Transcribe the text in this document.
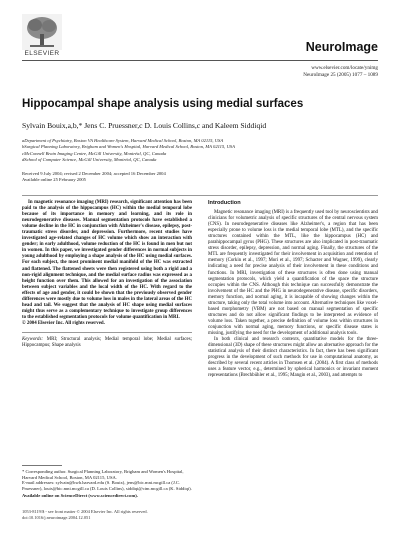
ELSEVIER	NeuroImage
www.elsevier.com/locate/ynimg
NeuroImage 25 (2005) 1077 – 1089
Hippocampal shape analysis using medial surfaces
Sylvain Bouix,a,b,* Jens C. Pruessner,c D. Louis Collins,c and Kaleem Siddiqid
aDepartment of Psychiatry, Boston VA Healthcare System, Harvard Medical School, Boston, MA 02115, USA
bSurgical Planning Laboratory, Brigham and Women's Hospital, Harvard Medical School, Boston, MA 02115, USA
cMcConnell Brain Imaging Centre, McGill University, Montréal, QC, Canada
dSchool of Computer Science, McGill University, Montréal, QC, Canada
Received 9 July 2004; revised 2 December 2004; accepted 16 December 2004
Available online 25 February 2005

In magnetic resonance imaging (MRI) research, significant attention has been paid to the analysis of the hippocampus (HC) within the medial temporal lobe because of its importance in memory and learning, and its role in neurodegenerative diseases. Manual segmentation protocols have established a volume decline in the HC in conjunction with Alzheimer's disease, epilepsy, post-traumatic stress disorder, and depression. Furthermore, recent studies have investigated age-related changes of HC volume which show an interaction with gender; in early adulthood, volume reduction of the HC is found in men but not in women. In this paper, we investigated gender differences in normal subjects in young adulthood by employing a shape analysis of the HC using medial surfaces. For each subject, the most prominent medial manifold of the HC was extracted and flattened. The flattened sheets were then registered using both a rigid and a non-rigid alignment technique, and the medial surface radius was expressed as a height function over them. This allowed for an investigation of the association between subject variables and the local width of the HC. With regard to the effects of age and gender, it could be shown that the previously observed gender differences were mostly due to volume loss in males in the lateral areas of the HC head and tail. We suggest that the analysis of HC shape using medial surfaces might thus serve as a complementary technique to investigate group differences to the established segmentation protocols for volume quantification in MRI.

© 2004 Elsevier Inc. All rights reserved.
Keywords: MRI; Structural analysis; Medial temporal lobe; Medial surfaces; Hippocampus; Shape analysis
Introduction

Magnetic resonance imaging (MRI) is a frequently used tool by neuroscientists and clinicians for volumetric analysis of specific structures of the central nervous system (CNS). In neurodegenerative diseases like Alzheimer's, a region that has been especially prone to volume loss is the medial temporal lobe (MTL), and the specific structures contained within the MTL, like the hippocampus (HC) and parahippocampal gyrus (PHG). These structures are also implicated in post-traumatic stress disorder, epilepsy, depression, and normal aging. Finally, the structures of the MTL are frequently investigated for their involvement in acquisition and retention of memory (Corkin et al., 1997; Mori et al., 1997; Schacter and Wagner, 1999), clearly indicating a need for precise analysis of their involvement in these conditions and functions. In MRI, investigation of these structures is often done using manual segmentation protocols, which yield a quantification of the space the structure occupies within the CNS. Although this technique can successfully demonstrate the involvement of the HC and the PHG in neurodegenerative disease, specific disorders, memory function, and normal aging, it is incapable of showing changes within the structure, taking only the total volume into account. Alternative techniques like voxel-based morphometry (VBM) are not based on manual segmentation of specific structures and do not allow significant findings to be interpreted as evidence of volume loss. Taken together, a precise definition of volume loss within structures in conjunction with normal aging, memory functions, or specific disease states is missing, justifying the need for the development of additional analysis tools.

In both clinical and research contexts, quantitative models for the three-dimensional (3D) shape of these structures might allow an alternative approach for the statistical analysis of their distinct characteristics. In fact, there has been significant progress in the development of such methods for use in computational anatomy, as described by several recent articles in Thomsen et al. (2004). A first class of methods uses a feature vector, e.g., determined by spherical harmonics or invariant moment representations (Brechbühler et al., 1995; Mangin et al., 2003), and attempts to

* Corresponding author. Surgical Planning Laboratory, Brigham and Women's Hospital, Harvard Medical School, Boston, MA 02115, USA.
E-mail addresses: sylvain@bwh.harvard.edu (S. Bouix), jens@bic.mni.mcgill.ca (J.C. Pruessner), louis@bic.mni.mcgill.ca (D. Louis Collins), siddiqi@cim.mcgill.ca (K. Siddiqi).
Available online on ScienceDirect (www.sciencedirect.com).
1053-8119/$ - see front matter © 2004 Elsevier Inc. All rights reserved.
doi:10.1016/j.neuroimage.2004.12.051
